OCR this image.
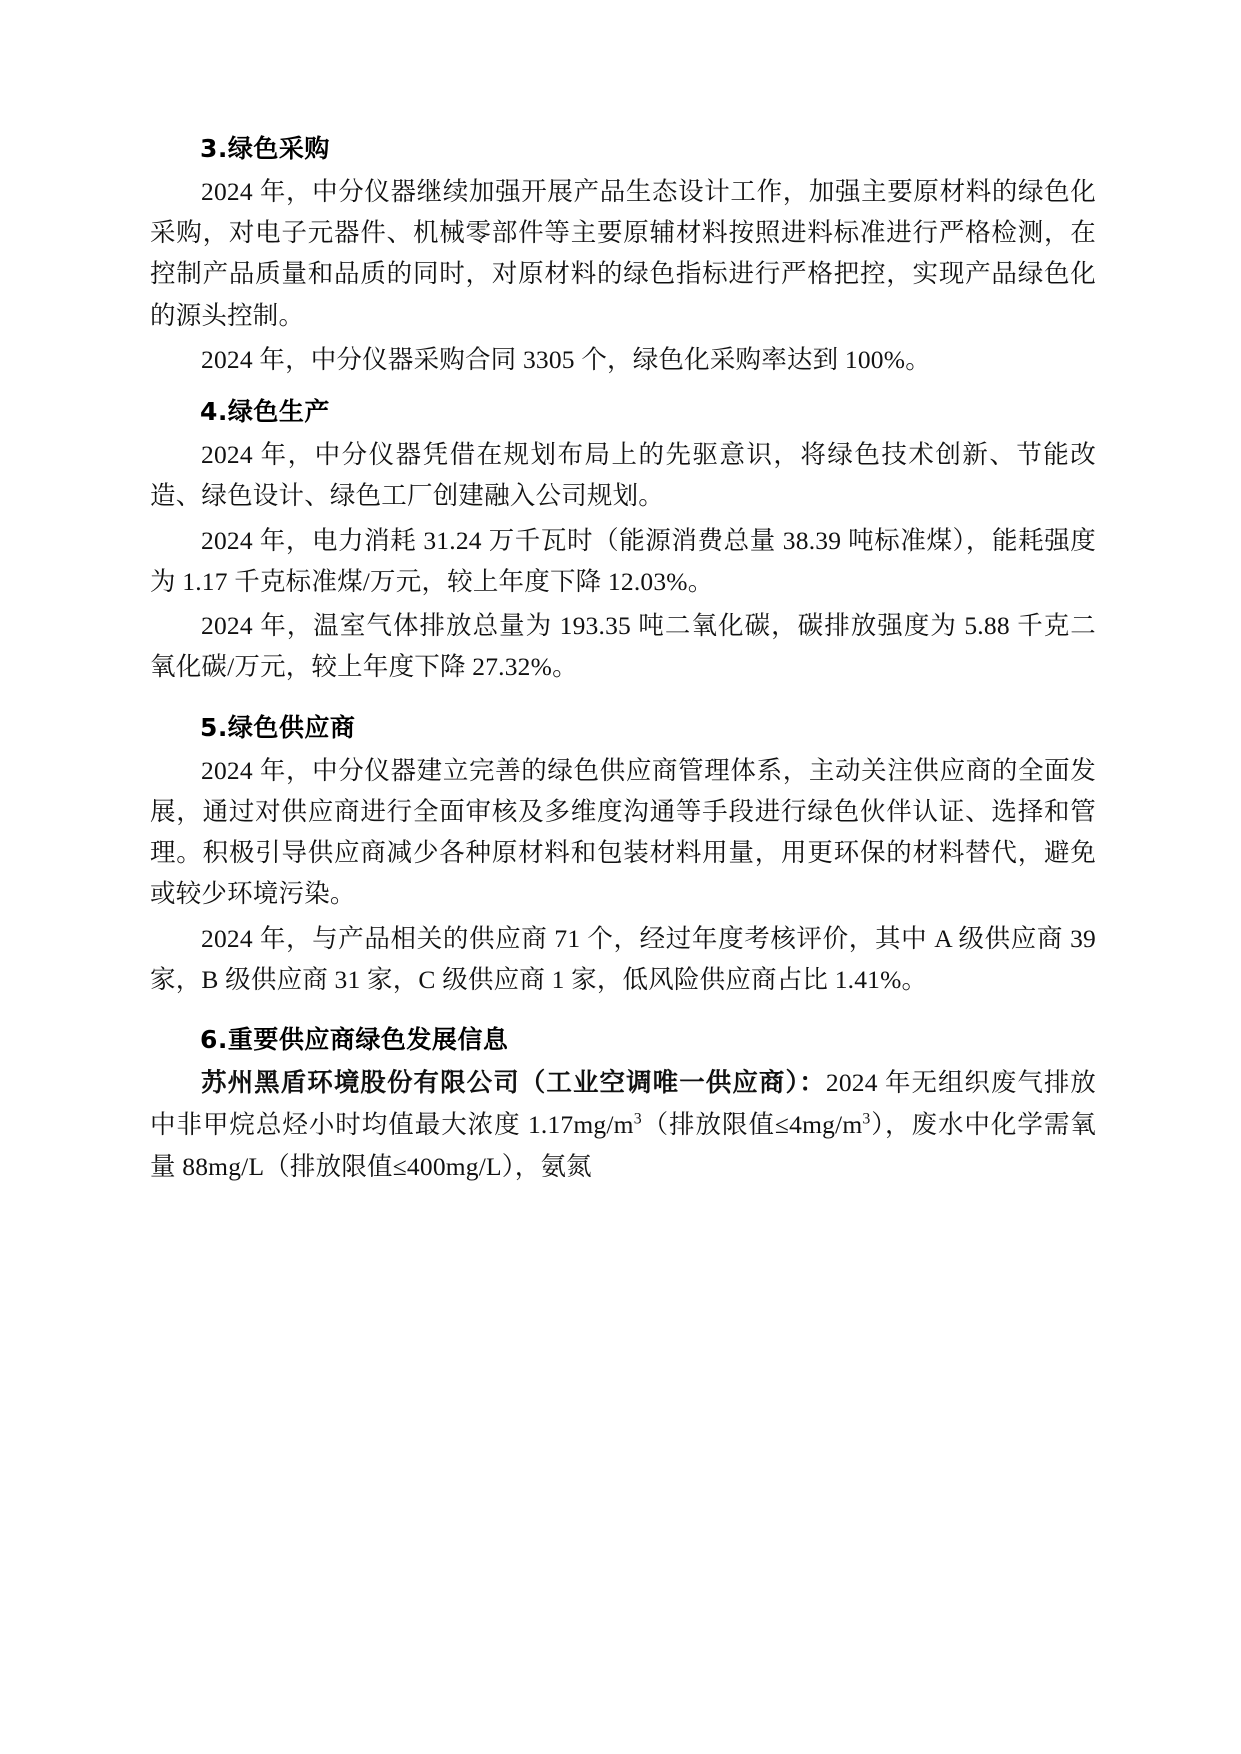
3.绿色采购

2024 年，中分仪器继续加强开展产品生态设计工作，加强主要原材料的绿色化采购，对电子元器件、机械零部件等主要原辅材料按照进料标准进行严格检测，在控制产品质量和品质的同时，对原材料的绿色指标进行严格把控，实现产品绿色化的源头控制。

2024 年，中分仪器采购合同 3305 个，绿色化采购率达到 100%。

4.绿色生产

2024 年，中分仪器凭借在规划布局上的先驱意识，将绿色技术创新、节能改造、绿色设计、绿色工厂创建融入公司规划。

2024 年，电力消耗 31.24 万千瓦时（能源消费总量 38.39 吨标准煤），能耗强度为 1.17 千克标准煤/万元，较上年度下降 12.03%。

2024 年，温室气体排放总量为 193.35 吨二氧化碳，碳排放强度为 5.88 千克二氧化碳/万元，较上年度下降 27.32%。

5.绿色供应商

2024 年，中分仪器建立完善的绿色供应商管理体系，主动关注供应商的全面发展，通过对供应商进行全面审核及多维度沟通等手段进行绿色伙伴认证、选择和管理。积极引导供应商减少各种原材料和包装材料用量，用更环保的材料替代，避免或较少环境污染。

2024 年，与产品相关的供应商 71 个，经过年度考核评价，其中 A 级供应商 39 家，B 级供应商 31 家，C 级供应商 1 家，低风险供应商占比 1.41%。

6.重要供应商绿色发展信息

苏州黑盾环境股份有限公司（工业空调唯一供应商）：2024 年无组织废气排放中非甲烷总烃小时均值最大浓度 $1.17mg/m^3$（排放限值$\le 4mg/m^3$），废水中化学需氧量 88mg/L（排放限值≤400mg/L），氨氮
